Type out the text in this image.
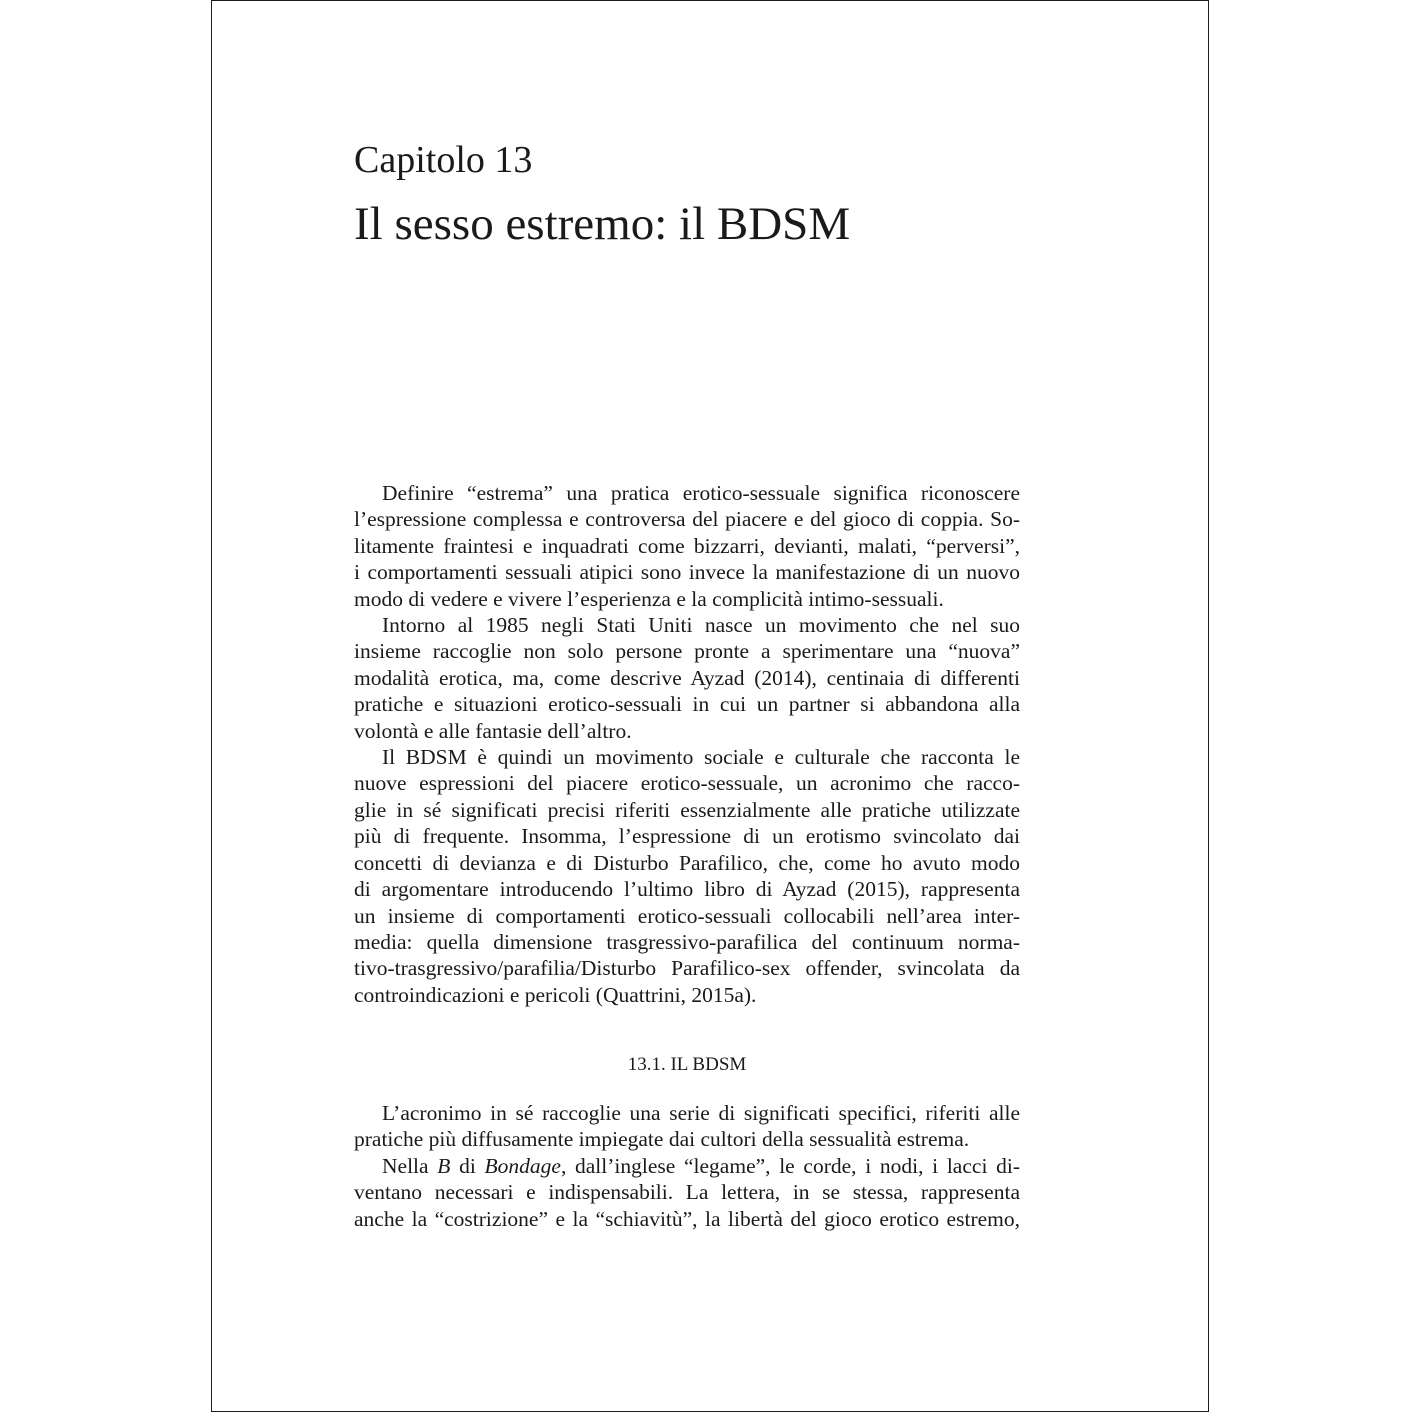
Capitolo 13
Il sesso estremo: il BDSM

Definire “estrema” una pratica erotico-sessuale significa riconoscere
l’espressione complessa e controversa del piacere e del gioco di coppia. So-
litamente fraintesi e inquadrati come bizzarri, devianti, malati, “perversi”,
i comportamenti sessuali atipici sono invece la manifestazione di un nuovo
modo di vedere e vivere l’esperienza e la complicità intimo-sessuali.

Intorno al 1985 negli Stati Uniti nasce un movimento che nel suo
insieme raccoglie non solo persone pronte a sperimentare una “nuova”
modalità erotica, ma, come descrive Ayzad (2014), centinaia di differenti
pratiche e situazioni erotico-sessuali in cui un partner si abbandona alla
volontà e alle fantasie dell’altro.

Il BDSM è quindi un movimento sociale e culturale che racconta le
nuove espressioni del piacere erotico-sessuale, un acronimo che racco-
glie in sé significati precisi riferiti essenzialmente alle pratiche utilizzate
più di frequente. Insomma, l’espressione di un erotismo svincolato dai
concetti di devianza e di Disturbo Parafilico, che, come ho avuto modo
di argomentare introducendo l’ultimo libro di Ayzad (2015), rappresenta
un insieme di comportamenti erotico-sessuali collocabili nell’area inter-
media: quella dimensione trasgressivo-parafilica del continuum norma-
tivo-trasgressivo/parafilia/Disturbo Parafilico-sex offender, svincolata da
controindicazioni e pericoli (Quattrini, 2015a).

13.1. IL BDSM

L’acronimo in sé raccoglie una serie di significati specifici, riferiti alle
pratiche più diffusamente impiegate dai cultori della sessualità estrema.

Nella B di Bondage, dall’inglese “legame”, le corde, i nodi, i lacci di-
ventano necessari e indispensabili. La lettera, in se stessa, rappresenta
anche la “costrizione” e la “schiavitù”, la libertà del gioco erotico estremo,
